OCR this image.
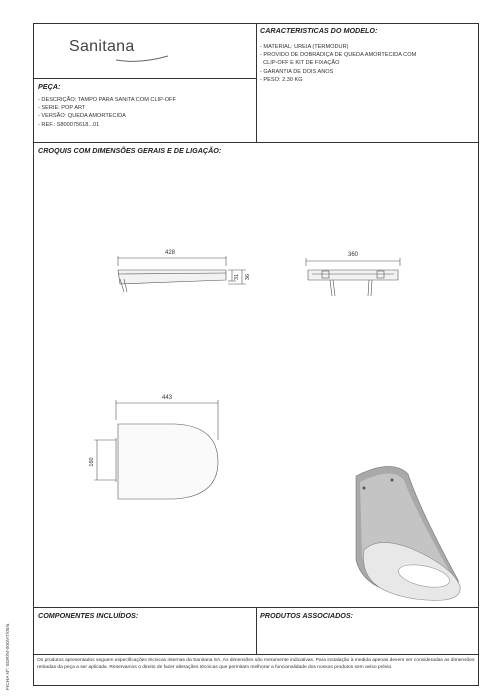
Sanitana
CARACTERISTICAS DO MODELO:
- MATERIAL: UREIA (TERMODUR)
- PROVIDO DE DOBRADIÇA DE QUEDA AMORTECIDA COM
CLIP-OFF E KIT DE FIXAÇÃO
- GARANTIA DE DOIS ANOS
- PESO: 2.30 KG
PEÇA:
- DESCRIÇÃO: TAMPO PARA SANITA COM CLIP-OFF
- SERIE: POP ART
- VERSÃO: QUEDA AMORTECIDA
- REF.: S800075618...01
CROQUIS COM DIMENSÕES GERAIS E DE LIGAÇÃO:
428
31 36
360
443
160
COMPONENTES INCLUÍDOS:	PRODUTOS ASSOCIADOS:
Os produtos apresentados seguem especificações técnicas internas da Sanitana SA. As dimensões são meramente indicativas. Para instalação à medida apenas devem ser consideradas as dimensões retiradas da peça a ser aplicada. Reservamos o direito de fazer alterações técnicas que permitam melhorar a funcionalidade dos nossos produtos sem aviso prévio.
FICHA Nº: SGR/M-000/AT/00/a
